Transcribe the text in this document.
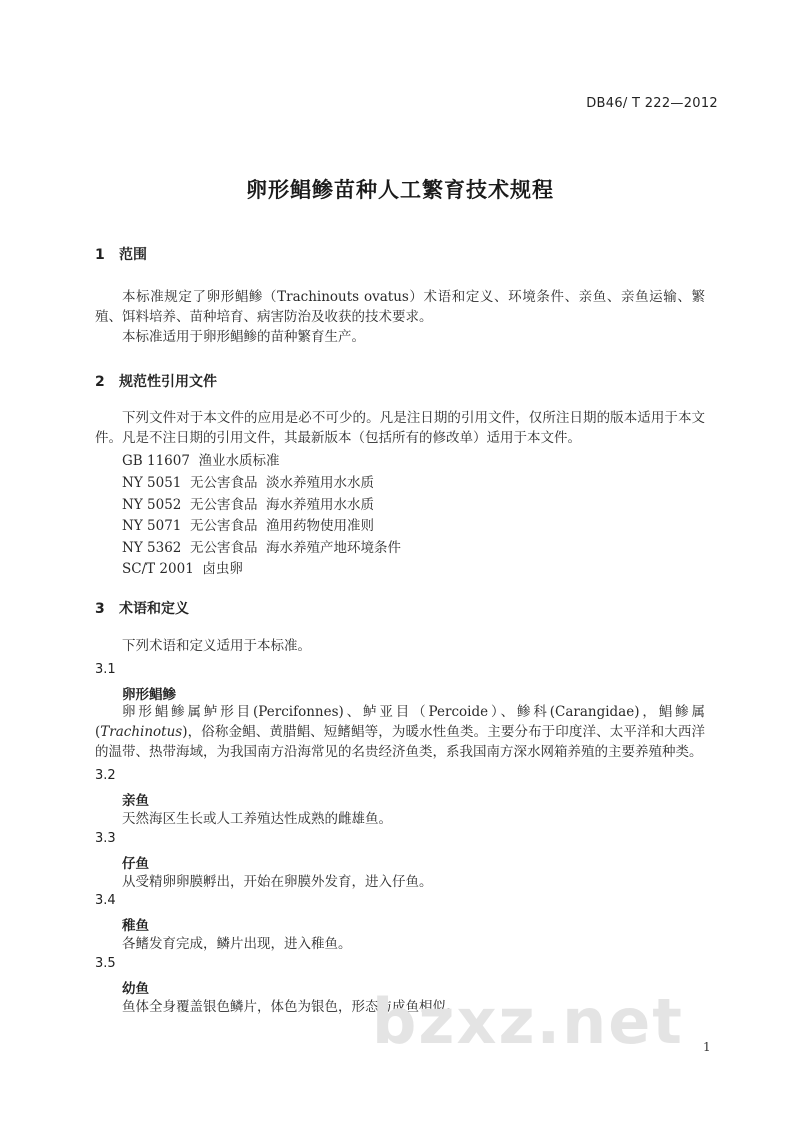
DB46/ T 222—2012
卵形鲳鲹苗种人工繁育技术规程
1 范围
本标准规定了卵形鲳鲹（Trachinouts ovatus）术语和定义、环境条件、亲鱼、亲鱼运输、繁殖、饵料培养、苗种培育、病害防治及收获的技术要求。
本标准适用于卵形鲳鲹的苗种繁育生产。
2 规范性引用文件
下列文件对于本文件的应用是必不可少的。凡是注日期的引用文件，仅所注日期的版本适用于本文件。凡是不注日期的引用文件，其最新版本（包括所有的修改单）适用于本文件。
GB 11607  渔业水质标准
NY 5051  无公害食品  淡水养殖用水水质
NY 5052  无公害食品  海水养殖用水水质
NY 5071  无公害食品  渔用药物使用准则
NY 5362  无公害食品  海水养殖产地环境条件
SC/T 2001  卤虫卵
3 术语和定义
下列术语和定义适用于本标准。
3.1
卵形鲳鲹
卵形鲳鲹属鲈形目(Percifonnes)、鲈亚目（Percoide）、鲹科(Carangidae)，鲳鲹属(Trachinotus)，俗称金鲳、黄腊鲳、短鳍鲳等，为暖水性鱼类。主要分布于印度洋、太平洋和大西洋的温带、热带海域，为我国南方沿海常见的名贵经济鱼类，系我国南方深水网箱养殖的主要养殖种类。
3.2
亲鱼
天然海区生长或人工养殖达性成熟的雌雄鱼。
3.3
仔鱼
从受精卵卵膜孵出，开始在卵膜外发育，进入仔鱼。
3.4
稚鱼
各鳍发育完成，鳞片出现，进入稚鱼。
3.5
幼鱼
鱼体全身覆盖银色鳞片，体色为银色，形态与成鱼相似。
bzxz.net 1
